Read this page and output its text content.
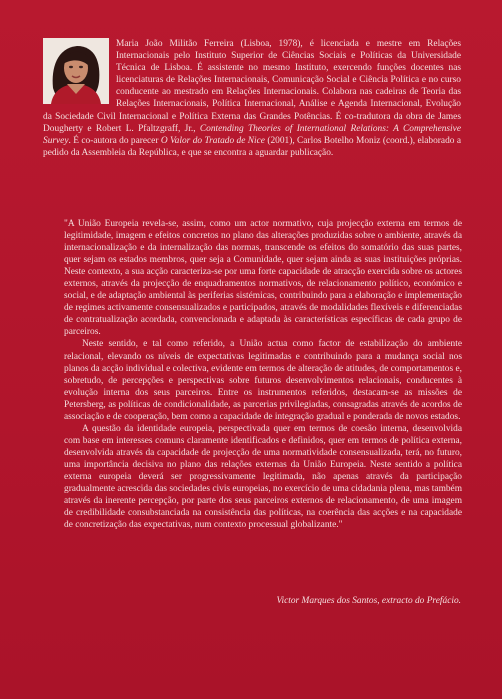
Maria João Militão Ferreira (Lisboa, 1978), é licenciada e mestre em Relações Internacionais pelo Instituto Superior de Ciências Sociais e Políticas da Universidade Técnica de Lisboa. É assistente no mesmo Instituto, exercendo funções docentes nas licenciaturas de Relações Internacionais, Comunicação Social e Ciência Política e no curso conducente ao mestrado em Relações Internacionais. Colabora nas cadeiras de Teoria das Relações Internacionais, Política Internacional, Análise e Agenda Internacional, Evolução da Sociedade Civil Internacional e Política Externa das Grandes Potências. É co-tradutora da obra de James Dougherty e Robert L. Pfaltzgraff, Jr., Contending Theories of International Relations: A Comprehensive Survey. É co-autora do parecer O Valor do Tratado de Nice (2001), Carlos Botelho Moniz (coord.), elaborado a pedido da Assembleia da República, e que se encontra a aguardar publicação.

"A União Europeia revela-se, assim, como um actor normativo, cuja projecção externa em termos de legitimidade, imagem e efeitos concretos no plano das alterações produzidas sobre o ambiente, através da internacionalização e da internalização das normas, transcende os efeitos do somatório das suas partes, quer sejam os estados membros, quer seja a Comunidade, quer sejam ainda as suas instituições próprias. Neste contexto, a sua acção caracteriza-se por uma forte capacidade de atracção exercida sobre os actores externos, através da projecção de enquadramentos normativos, de relacionamento político, económico e social, e de adaptação ambiental às periferias sistémicas, contribuindo para a elaboração e implementação de regimes activamente consensualizados e participados, através de modalidades flexíveis e diferenciadas de contratualização acordada, convencionada e adaptada às características específicas de cada grupo de parceiros.

Neste sentido, e tal como referido, a União actua como factor de estabilização do ambiente relacional, elevando os níveis de expectativas legitimadas e contribuindo para a mudança social nos planos da acção individual e colectiva, evidente em termos de alteração de atitudes, de comportamentos e, sobretudo, de percepções e perspectivas sobre futuros desenvolvimentos relacionais, conducentes à evolução interna dos seus parceiros. Entre os instrumentos referidos, destacam-se as missões de Petersberg, as políticas de condicionalidade, as parcerias privilegiadas, consagradas através de acordos de associação e de cooperação, bem como a capacidade de integração gradual e ponderada de novos estados.

A questão da identidade europeia, perspectivada quer em termos de coesão interna, desenvolvida com base em interesses comuns claramente identificados e definidos, quer em termos de política externa, desenvolvida através da capacidade de projecção de uma normatividade consensualizada, terá, no futuro, uma importância decisiva no plano das relações externas da União Europeia. Neste sentido a política externa europeia deverá ser progressivamente legitimada, não apenas através da participação gradualmente acrescida das sociedades civis europeias, no exercício de uma cidadania plena, mas também através da inerente percepção, por parte dos seus parceiros externos de relacionamento, de uma imagem de credibilidade consubstanciada na consistência das políticas, na coerência das acções e na capacidade de concretização das expectativas, num contexto processual globalizante."

Victor Marques dos Santos, extracto do Prefácio.
